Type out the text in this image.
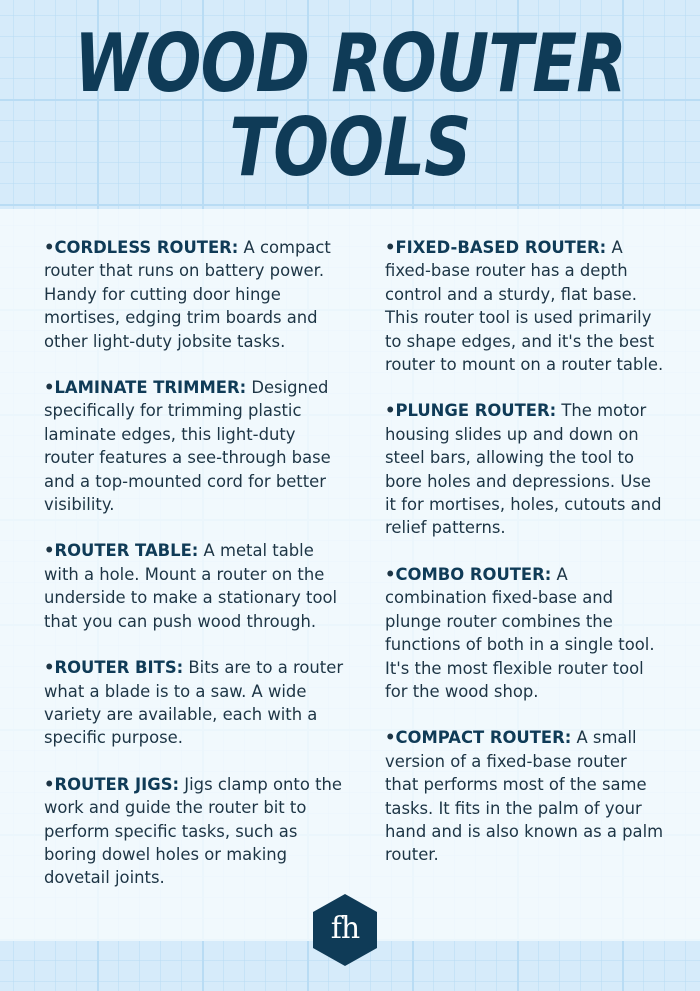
WOOD ROUTER
TOOLS

•CORDLESS ROUTER: A compact router that runs on battery power. Handy for cutting door hinge mortises, edging trim boards and other light-duty jobsite tasks.

•LAMINATE TRIMMER: Designed specifically for trimming plastic laminate edges, this light-duty router features a see-through base and a top-mounted cord for better visibility.

•ROUTER TABLE: A metal table with a hole. Mount a router on the underside to make a stationary tool that you can push wood through.

•ROUTER BITS: Bits are to a router what a blade is to a saw. A wide variety are available, each with a specific purpose.

•ROUTER JIGS: Jigs clamp onto the work and guide the router bit to perform specific tasks, such as boring dowel holes or making dovetail joints.

•FIXED-BASED ROUTER: A fixed-base router has a depth control and a sturdy, flat base. This router tool is used primarily to shape edges, and it's the best router to mount on a router table.

•PLUNGE ROUTER: The motor housing slides up and down on steel bars, allowing the tool to bore holes and depressions. Use it for mortises, holes, cutouts and relief patterns.

•COMBO ROUTER: A combination fixed-base and plunge router combines the functions of both in a single tool. It's the most flexible router tool for the wood shop.

•COMPACT ROUTER: A small version of a fixed-base router that performs most of the same tasks. It fits in the palm of your hand and is also known as a palm router.

fh
